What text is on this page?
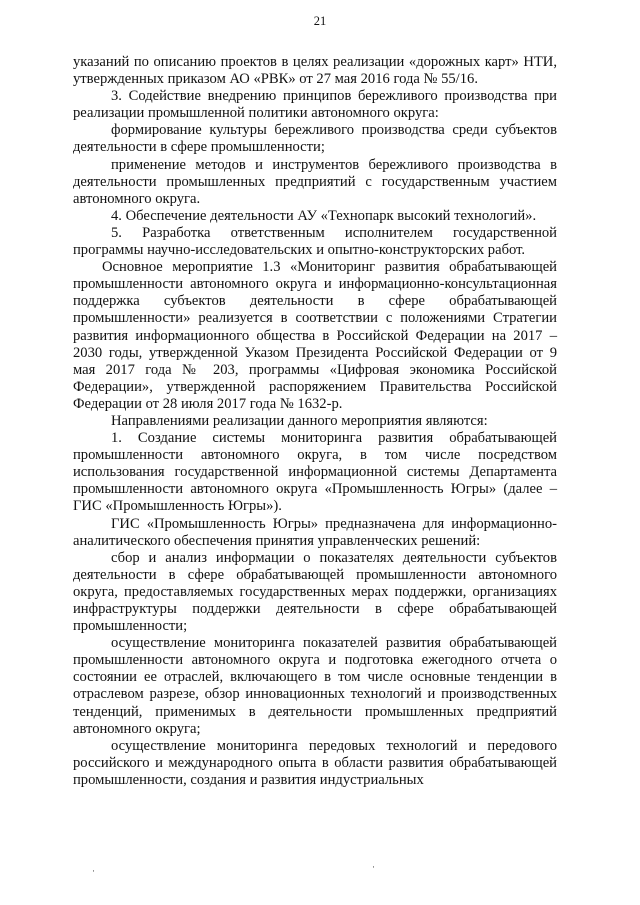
21

указаний по описанию проектов в целях реализации «дорожных карт» НТИ, утвержденных приказом АО «РВК» от 27 мая 2016 года № 55/16.

3. Содействие внедрению принципов бережливого производства при реализации промышленной политики автономного округа:

формирование культуры бережливого производства среди субъектов деятельности в сфере промышленности;

применение методов и инструментов бережливого производства в деятельности промышленных предприятий с государственным участием автономного округа.

4. Обеспечение деятельности АУ «Технопарк высокий технологий».

5. Разработка ответственным исполнителем государственной программы научно-исследовательских и опытно-конструкторских работ.

Основное мероприятие 1.3 «Мониторинг развития обрабатывающей промышленности автономного округа и информационно-консультационная поддержка субъектов деятельности в сфере обрабатывающей промышленности» реализуется в соответствии с положениями Стратегии развития информационного общества в Российской Федерации на 2017 – 2030 годы, утвержденной Указом Президента Российской Федерации от 9 мая 2017 года № 203, программы «Цифровая экономика Российской Федерации», утвержденной распоряжением Правительства Российской Федерации от 28 июля 2017 года № 1632-р.

Направлениями реализации данного мероприятия являются:

1. Создание системы мониторинга развития обрабатывающей промышленности автономного округа, в том числе посредством использования государственной информационной системы Департамента промышленности автономного округа «Промышленность Югры» (далее – ГИС «Промышленность Югры»).

ГИС «Промышленность Югры» предназначена для информационно-аналитического обеспечения принятия управленческих решений:

сбор и анализ информации о показателях деятельности субъектов деятельности в сфере обрабатывающей промышленности автономного округа, предоставляемых государственных мерах поддержки, организациях инфраструктуры поддержки деятельности в сфере обрабатывающей промышленности;

осуществление мониторинга показателей развития обрабатывающей промышленности автономного округа и подготовка ежегодного отчета о состоянии ее отраслей, включающего в том числе основные тенденции в отраслевом разрезе, обзор инновационных технологий и производственных тенденций, применимых в деятельности промышленных предприятий автономного округа;

осуществление мониторинга передовых технологий и передового российского и международного опыта в области развития обрабатывающей промышленности, создания и развития индустриальных

·	·
